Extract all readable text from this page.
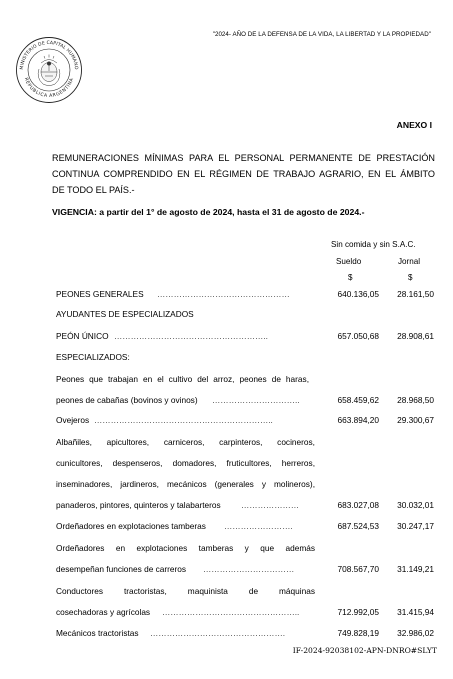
"2024- AÑO DE LA DEFENSA DE LA VIDA, LA LIBERTAD Y LA PROPIEDAD"
MINISTERIO DE CAPITAL HUMANO
REPUBLICA ARGENTINA
ANEXO I
REMUNERACIONES MÍNIMAS PARA EL PERSONAL PERMANENTE DE PRESTACIÓN
CONTINUA COMPRENDIDO EN EL RÉGIMEN DE TRABAJO AGRARIO, EN EL ÁMBITO
DE TODO EL PAÍS.-
VIGENCIA: a partir del 1° de agosto de 2024, hasta el 31 de agosto de 2024.-
Sin comida y sin S.A.C.
Sueldo	Jornal
$	$
PEONES GENERALES …………………………………………	640.136,05 28.161,50
AYUDANTES DE ESPECIALIZADOS
PEÓN ÚNICO ………………………………………………..	657.050,68 28.908,61
ESPECIALIZADOS:
Peones que trabajan en el cultivo del arroz, peones de haras,
peones de cabañas (bovinos y ovinos) …………………………..	658.459,62 28.968,50
Ovejeros ………………………………………………………..	663.894,20 29.300,67
Albañiles, apicultores, carniceros, carpinteros, cocineros,
cunicultores, despenseros, domadores, fruticultores, herreros,
inseminadores, jardineros, mecánicos (generales y molineros),
panaderos, pintores, quinteros y talabarteros …………………	683.027,08 30.032,01
Ordeñadores en explotaciones tamberas …………………….	687.524,53 30.247,17
Ordeñadores en explotaciones tamberas y que además
desempeñan funciones de carreros ……………………………	708.567,70 31.149,21
Conductores tractoristas, maquinista de máquinas
cosechadoras y agrícolas …………………………………………..	712.992,05 31.415,94
Mecánicos tractoristas ………………………………………….	749.828,19 32.986,02
IF-2024-92038102-APN-DNRO#SLYT
